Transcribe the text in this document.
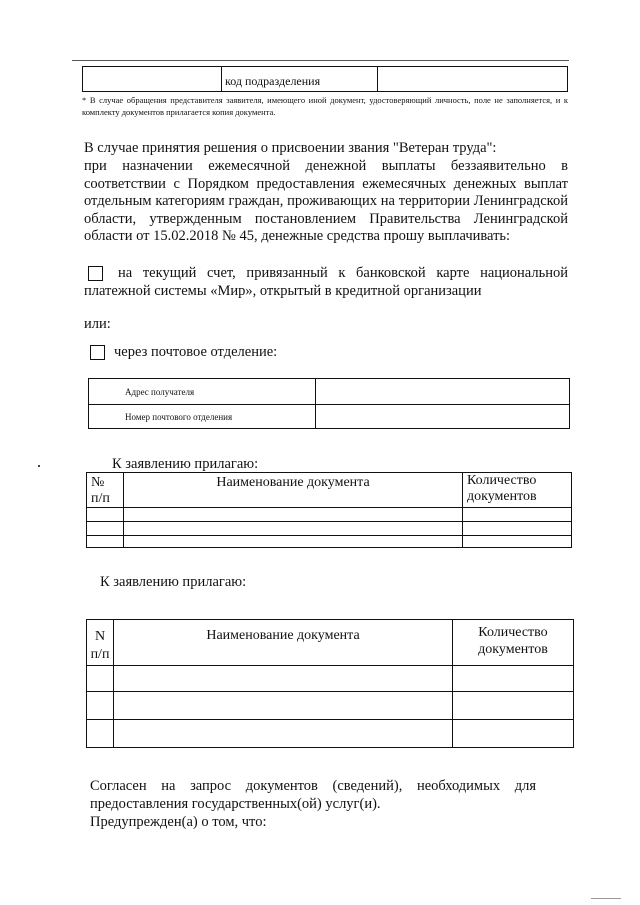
	код подразделения	
* В случае обращения представителя заявителя, имеющего иной документ, удостоверяющий личность, поле не заполняется, и к комплекту документов прилагается копия документа.
В случае принятия решения о присвоении звания "Ветеран труда":
при назначении ежемесячной денежной выплаты беззаявительно в соответствии с Порядком предоставления ежемесячных денежных выплат отдельным категориям граждан, проживающих на территории Ленинградской области, утвержденным постановлением Правительства Ленинградской области от 15.02.2018 № 45, денежные средства прошу выплачивать:
на текущий счет, привязанный к банковской карте национальной платежной системы «Мир», открытый в кредитной организации
или:
через почтовое отделение:
Адрес получателя	
Номер почтового отделения	
К заявлению прилагаю:
№ п/п	Наименование документа	Количество документов

К заявлению прилагаю:
N п/п	Наименование документа	Количество документов

Согласен на запрос документов (сведений), необходимых для предоставления государственных(ой) услуг(и).
Предупрежден(а) о том, что:
